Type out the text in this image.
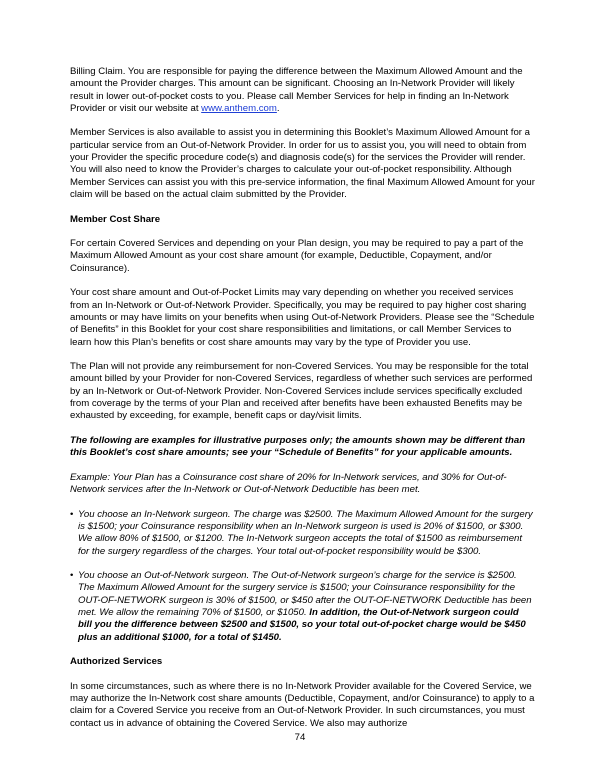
Billing Claim. You are responsible for paying the difference between the Maximum Allowed Amount and the amount the Provider charges. This amount can be significant. Choosing an In-Network Provider will likely result in lower out-of-pocket costs to you. Please call Member Services for help in finding an In-Network Provider or visit our website at www.anthem.com.

Member Services is also available to assist you in determining this Booklet’s Maximum Allowed Amount for a particular service from an Out-of-Network Provider. In order for us to assist you, you will need to obtain from your Provider the specific procedure code(s) and diagnosis code(s) for the services the Provider will render. You will also need to know the Provider’s charges to calculate your out-of-pocket responsibility. Although Member Services can assist you with this pre-service information, the final Maximum Allowed Amount for your claim will be based on the actual claim submitted by the Provider.

Member Cost Share

For certain Covered Services and depending on your Plan design, you may be required to pay a part of the Maximum Allowed Amount as your cost share amount (for example, Deductible, Copayment, and/or Coinsurance).

Your cost share amount and Out-of-Pocket Limits may vary depending on whether you received services from an In-Network or Out-of-Network Provider. Specifically, you may be required to pay higher cost sharing amounts or may have limits on your benefits when using Out-of-Network Providers. Please see the “Schedule of Benefits” in this Booklet for your cost share responsibilities and limitations, or call Member Services to learn how this Plan’s benefits or cost share amounts may vary by the type of Provider you use.

The Plan will not provide any reimbursement for non-Covered Services. You may be responsible for the total amount billed by your Provider for non-Covered Services, regardless of whether such services are performed by an In-Network or Out-of-Network Provider. Non-Covered Services include services specifically excluded from coverage by the terms of your Plan and received after benefits have been exhausted Benefits may be exhausted by exceeding, for example, benefit caps or day/visit limits.

The following are examples for illustrative purposes only; the amounts shown may be different than this Booklet’s cost share amounts; see your “Schedule of Benefits” for your applicable amounts.

Example: Your Plan has a Coinsurance cost share of 20% for In-Network services, and 30% for Out-of-Network services after the In-Network or Out-of-Network Deductible has been met.

• You choose an In-Network surgeon. The charge was $2500. The Maximum Allowed Amount for the surgery is $1500; your Coinsurance responsibility when an In-Network surgeon is used is 20% of $1500, or $300. We allow 80% of $1500, or $1200. The In-Network surgeon accepts the total of $1500 as reimbursement for the surgery regardless of the charges. Your total out-of-pocket responsibility would be $300.
• You choose an Out-of-Network surgeon. The Out-of-Network surgeon’s charge for the service is $2500. The Maximum Allowed Amount for the surgery service is $1500; your Coinsurance responsibility for the OUT-OF-NETWORK surgeon is 30% of $1500, or $450 after the OUT-OF-NETWORK Deductible has been met. We allow the remaining 70% of $1500, or $1050. In addition, the Out-of-Network surgeon could bill you the difference between $2500 and $1500, so your total out-of-pocket charge would be $450 plus an additional $1000, for a total of $1450.
Authorized Services

In some circumstances, such as where there is no In-Network Provider available for the Covered Service, we may authorize the In-Network cost share amounts (Deductible, Copayment, and/or Coinsurance) to apply to a claim for a Covered Service you receive from an Out-of-Network Provider. In such circumstances, you must contact us in advance of obtaining the Covered Service. We also may authorize

74
